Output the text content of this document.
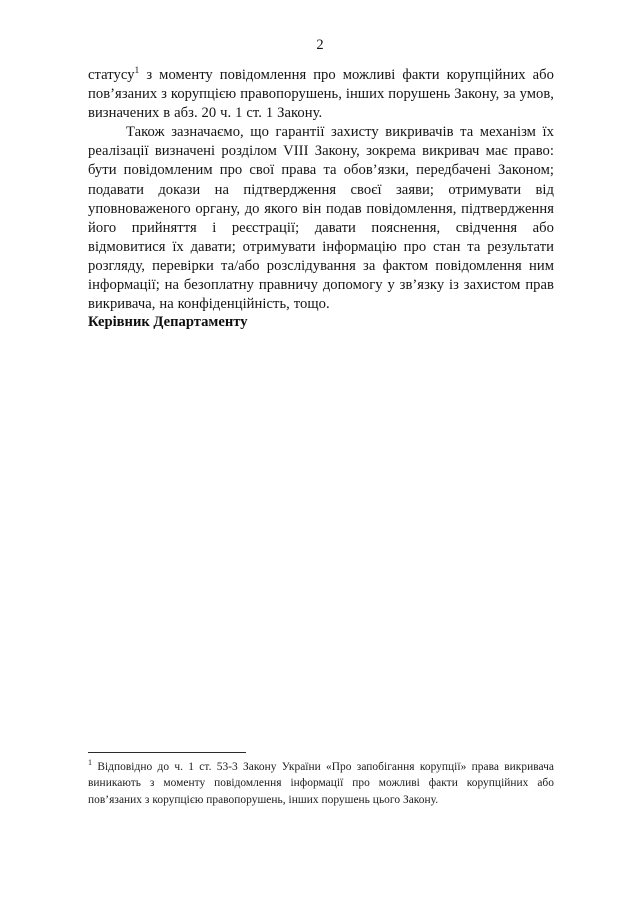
2

статусу$^1$ з моменту повідомлення про можливі факти корупційних або пов’язаних з корупцією правопорушень, інших порушень Закону, за умов, визначених в абз. 20 ч. 1 ст. 1 Закону.

Також зазначаємо, що гарантії захисту викривачів та механізм їх реалізації визначені розділом VIII Закону, зокрема викривач має право: бути повідомленим про свої права та обов’язки, передбачені Законом; подавати докази на підтвердження своєї заяви; отримувати від уповноваженого органу, до якого він подав повідомлення, підтвердження його прийняття і реєстрації; давати пояснення, свідчення або відмовитися їх давати; отримувати інформацію про стан та результати розгляду, перевірки та/або розслідування за фактом повідомлення ним інформації; на безоплатну правничу допомогу у зв’язку із захистом прав викривача, на конфіденційність, тощо.

Керівник Департаменту

$^1$ Відповідно до ч. 1 ст. 53-3 Закону України «Про запобігання корупції» права викривача виникають з моменту повідомлення інформації про можливі факти корупційних або пов’язаних з корупцією правопорушень, інших порушень цього Закону.
